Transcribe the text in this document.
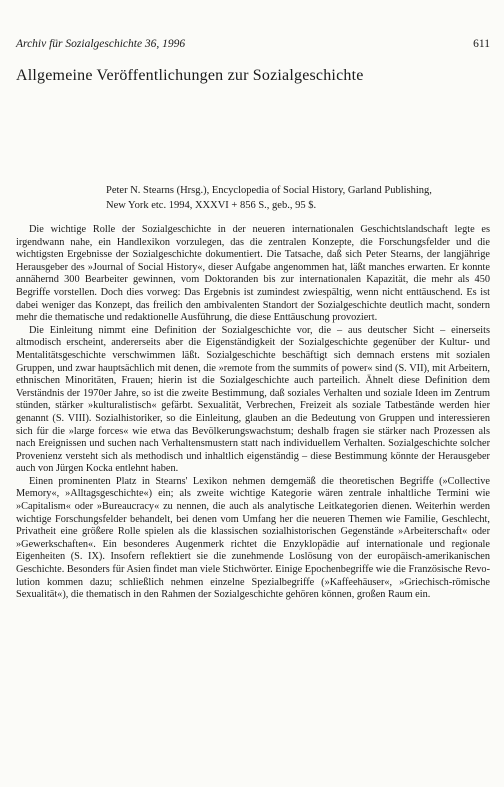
Archiv für Sozialgeschichte 36, 1996	611
Allgemeine Veröffentlichungen zur Sozialgeschichte
Peter N. Stearns (Hrsg.), Encyclopedia of Social History, Garland Publishing,
New York etc. 1994, XXXVI + 856 S., geb., 95 $.

Die wichtige Rolle der Sozialgeschichte in der neueren internationalen Geschichtslandschaft legte es irgendwann nahe, ein Handlexikon vorzulegen, das die zentralen Konzepte, die Forschungsfelder und die wichtigsten Ergebnisse der Sozialgeschichte dokumentiert. Die Tatsache, daß sich Peter Stearns, der langjährige Herausgeber des »Journal of Social History«, dieser Aufgabe angenommen hat, läßt manches erwarten. Er konnte annähernd 300 Bearbeiter gewinnen, vom Doktoranden bis zur internationalen Kapazität, die mehr als 450 Begriffe vorstellen. Doch dies vorweg: Das Ergebnis ist zumindest zwiespältig, wenn nicht enttäuschend. Es ist dabei weniger das Konzept, das freilich den ambivalenten Standort der Sozialgeschichte deutlich macht, sondern mehr die thematische und redaktionelle Ausführung, die diese Enttäuschung provoziert.

Die Einleitung nimmt eine Definition der Sozialgeschichte vor, die – aus deutscher Sicht – einerseits altmodisch erscheint, andererseits aber die Eigenständigkeit der Sozialgeschichte gegenüber der Kultur- und Mentalitätsgeschichte verschwimmen läßt. Sozialgeschichte beschäftigt sich demnach erstens mit sozialen Gruppen, und zwar hauptsächlich mit denen, die »remote from the summits of power« sind (S. VII), mit Arbeitern, ethnischen Minoritäten, Frauen; hierin ist die Sozialgeschichte auch parteilich. Ähnelt diese Definition dem Verständnis der 1970er Jahre, so ist die zweite Bestimmung, daß soziales Verhalten und soziale Ideen im Zentrum stünden, stärker »kulturalistisch« gefärbt. Sexualität, Verbrechen, Freizeit als soziale Tatbestände werden hier genannt (S. VIII). Sozialhistoriker, so die Einleitung, glauben an die Bedeutung von Gruppen und interessieren sich für die »large forces« wie etwa das Bevölkerungswachstum; deshalb fragen sie stärker nach Prozessen als nach Ereignissen und suchen nach Verhaltensmustern statt nach individuellem Verhalten. Sozialgeschichte solcher Provenienz versteht sich als methodisch und inhaltlich eigenständig – diese Bestimmung könnte der Herausgeber auch von Jürgen Kocka entlehnt haben.

Einen prominenten Platz in Stearns' Lexikon nehmen demgemäß die theoretischen Begriffe (»Collective Memory«, »Alltagsgeschichte«) ein; als zweite wichtige Kategorie wären zentrale inhaltliche Termini wie »Capitalism« oder »Bureaucracy« zu nennen, die auch als analytische Leitkategorien dienen. Weiterhin werden wichtige Forschungsfelder behandelt, bei denen vom Umfang her die neueren Themen wie Familie, Geschlecht, Privatheit eine größere Rolle spielen als die klassischen sozialhistorischen Gegenstände »Arbeiterschaft« oder »Gewerkschaften«. Ein besonderes Augenmerk richtet die Enzyklopädie auf internationale und regionale Eigenheiten (S. IX). Insofern reflektiert sie die zunehmende Loslösung von der europäisch-amerikanischen Geschichte. Besonders für Asien findet man viele Stichwörter. Einige Epochenbegriffe wie die Französische Revolution kommen dazu; schließlich nehmen einzelne Spezialbegriffe (»Kaffeehäuser«, »Griechisch-römische Sexualität«), die thematisch in den Rahmen der Sozialgeschichte gehören können, großen Raum ein.
